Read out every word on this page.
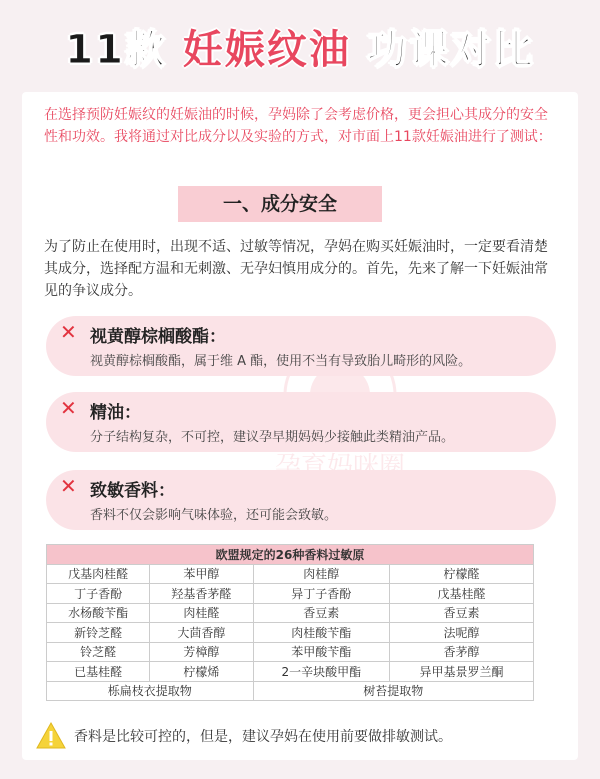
11款 妊娠纹油 功课对比

在选择预防妊娠纹的妊娠油的时候，孕妈除了会考虑价格，更会担心其成分的安全性和功效。我将通过对比成分以及实验的方式，对市面上11款妊娠油进行了测试：

一、成分安全

为了防止在使用时，出现不适、过敏等情况，孕妈在购买妊娠油时，一定要看清楚其成分，选择配方温和无刺激、无孕妇慎用成分的。首先，先来了解一下妊娠油常见的争议成分。

✕ 视黄醇棕榈酸酯：
视黄醇棕榈酸酯，属于维 A 酯，使用不当有导致胎儿畸形的风险。
✕ 精油：
分子结构复杂，不可控，建议孕早期妈妈少接触此类精油产品。
✕ 致敏香料：
香料不仅会影响气味体验，还可能会致敏。
欧盟规定的26种香料过敏原			
戊基肉桂醛	苯甲醇	肉桂醇	柠檬醛
丁子香酚	羟基香茅醛	异丁子香酚	戊基桂醛
水杨酸苄酯	肉桂醛	香豆素	香豆素
新铃芝醛	大茴香醇	肉桂酸苄酯	法呢醇
铃芝醛	芳樟醇	苯甲酸苄酯	香茅醇
已基桂醛	柠檬烯	2一辛块酸甲酯	异甲基景罗兰酮
栎扁枝衣提取物		树苔提取物	
香料是比较可控的，但是，建议孕妈在使用前要做排敏测试。
